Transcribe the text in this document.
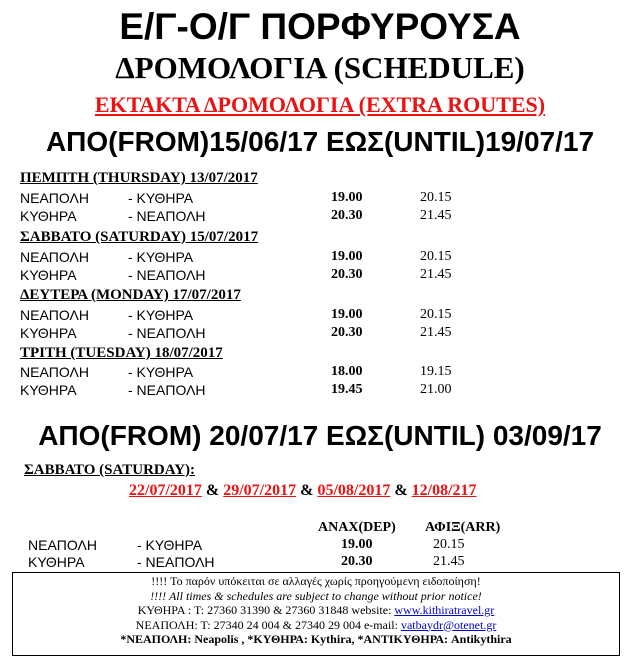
Ε/Γ-Ο/Γ ΠΟΡΦΥΡΟΥΣΑ
ΔΡΟΜΟΛΟΓΙΑ (SCHEDULE)
ΕΚΤΑΚΤΑ ΔΡΟΜΟΛΟΓΙΑ (EXTRA ROUTES)
ΑΠΟ(FROM)15/06/17 ΕΩΣ(UNTIL)19/07/17
ΠΕΜΠΤΗ (THURSDAY) 13/07/2017
ΝΕΑΠΟΛΗ	- ΚΥΘΗΡΑ	19.00	20.15
ΚΥΘΗΡΑ	- ΝΕΑΠΟΛΗ	20.30	21.45
ΣΑΒΒΑΤΟ (SATURDAY) 15/07/2017
ΝΕΑΠΟΛΗ	- ΚΥΘΗΡΑ	19.00	20.15
ΚΥΘΗΡΑ	- ΝΕΑΠΟΛΗ	20.30	21.45
ΔΕΥΤΕΡΑ (MONDAY) 17/07/2017
ΝΕΑΠΟΛΗ	- ΚΥΘΗΡΑ	19.00	20.15
ΚΥΘΗΡΑ	- ΝΕΑΠΟΛΗ	20.30	21.45
ΤΡΙΤΗ (TUESDAY) 18/07/2017
ΝΕΑΠΟΛΗ	- ΚΥΘΗΡΑ	18.00	19.15
ΚΥΘΗΡΑ	- ΝΕΑΠΟΛΗ	19.45	21.00
ΑΠΟ(FROM) 20/07/17 ΕΩΣ(UNTIL) 03/09/17
ΣΑΒΒΑΤΟ (SATURDAY):
22/07/2017 & 29/07/2017 & 05/08/2017 & 12/08/217
ΑΝΑΧ(DEP) ΑΦΙΞ(ARR)
ΝΕΑΠΟΛΗ	- ΚΥΘΗΡΑ	19.00	20.15
ΚΥΘΗΡΑ	- ΝΕΑΠΟΛΗ	20.30	21.45
!!!! Το παρόν υπόκειται σε αλλαγές χωρίς προηγούμενη ειδοποίηση!
!!!! All times & schedules are subject to change without prior notice!
ΚΥΘΗΡΑ : Τ: 27360 31390 & 27360 31848 website: www.kithiratravel.gr
ΝΕΑΠΟΛΗ: Τ: 27340 24 004 & 27340 29 004 e-mail: vatbaydr@otenet.gr
*ΝΕΑΠΟΛΗ: Neapolis , *ΚΥΘΗΡΑ: Kythira, *ΑΝΤΙΚΥΘΗΡΑ: Antikythira
